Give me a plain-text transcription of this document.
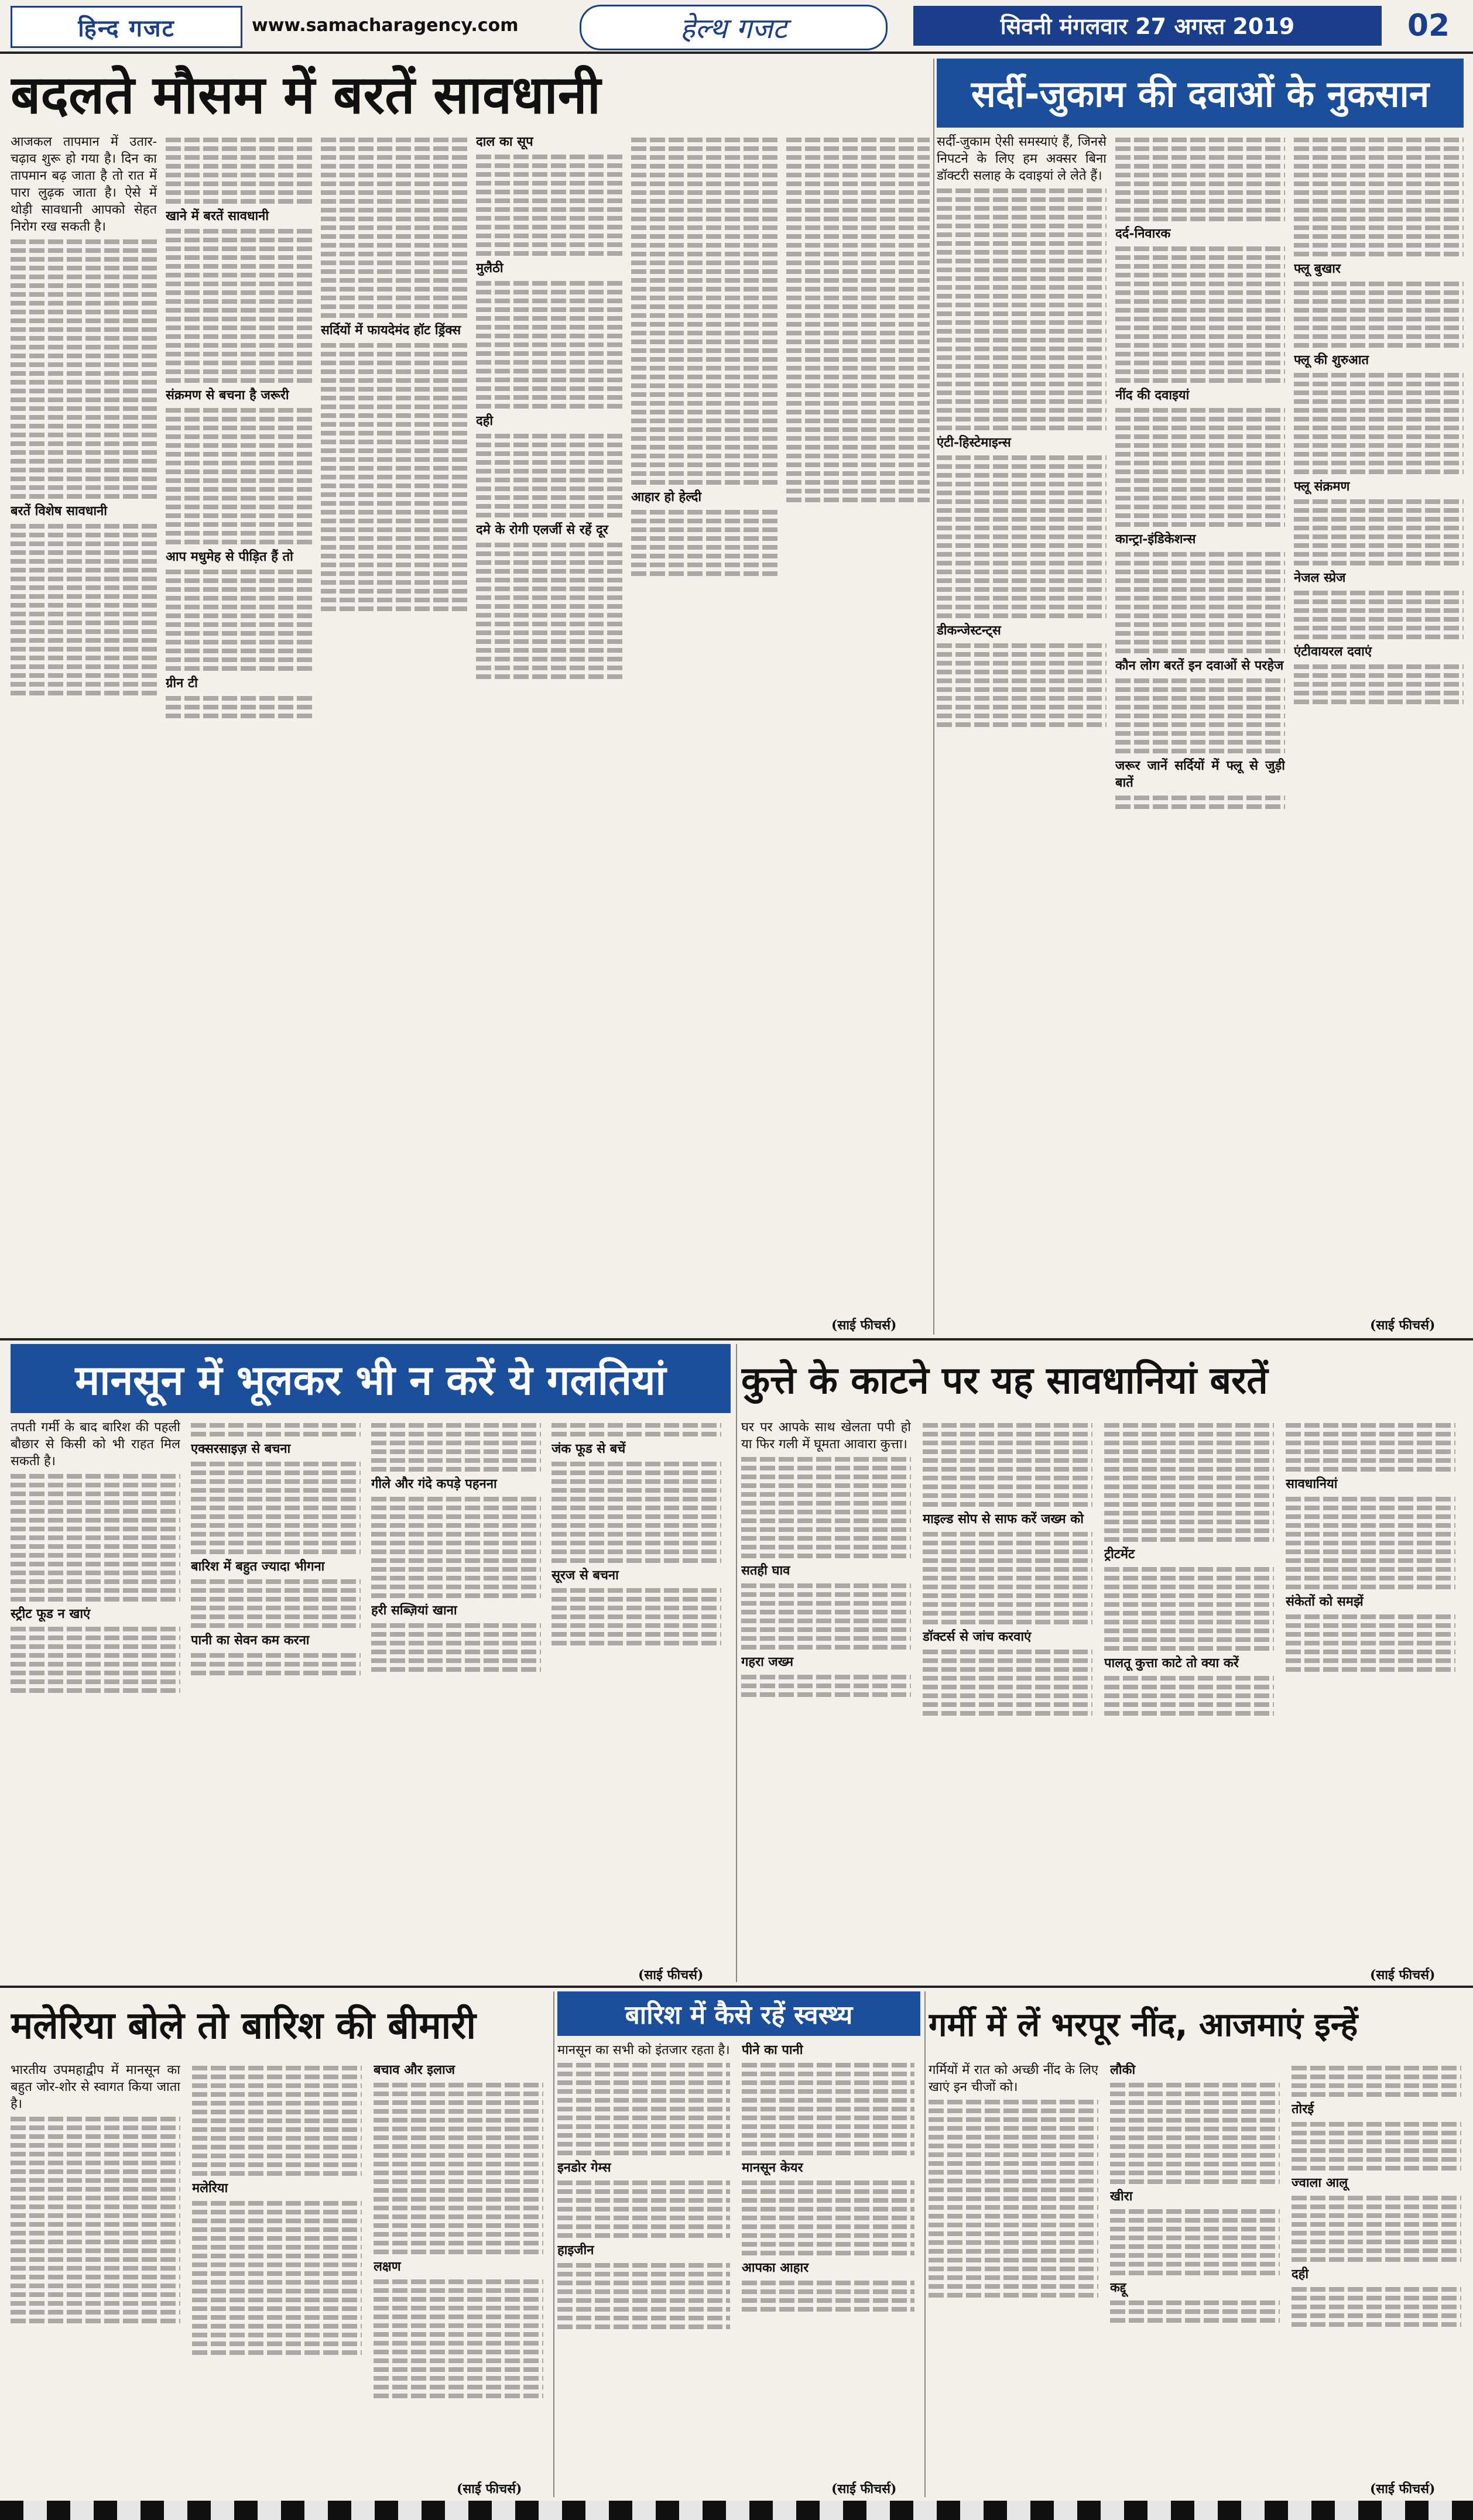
हिन्द गजट	www.samacharagency.com	हेल्थ गजट	सिवनी मंगलवार 27 अगस्त 2019	02
बदलते मौसम में बरतें सावधानी

आजकल तापमान में उतार-चढ़ाव शुरू हो गया है। दिन का तापमान बढ़ जाता है तो रात में पारा लुढ़क जाता है। ऐसे में थोड़ी सावधानी आपको सेहत निरोग रख सकती है।

बरतें विशेष सावधानी

खाने में बरतें सावधानी

संक्रमण से बचना है जरूरी

आप मधुमेह से पीड़ित हैं तो

ग्रीन टी

सर्दियों में फायदेमंद हॉट ड्रिंक्स

दाल का सूप

मुलैठी

दही

दमे के रोगी एलर्जी से रहें दूर

आहार हो हेल्दी

(साई फीचर्स)
सर्दी-जुकाम की दवाओं के नुकसान

सर्दी-जुकाम ऐसी समस्याएं हैं, जिनसे निपटने के लिए हम अक्सर बिना डॉक्टरी सलाह के दवाइयां ले लेते हैं।

एंटी-हिस्टेमाइन्स

डीकन्जेस्टन्ट्स

दर्द-निवारक

नींद की दवाइयां

कान्ट्रा-इंडिकेशन्स

कौन लोग बरतें इन दवाओं से परहेज

जरूर जानें सर्दियों में फ्लू से जुड़ी बातें

फ्लू बुखार

फ्लू की शुरुआत

फ्लू संक्रमण

नेजल स्प्रेज

एंटीवायरल दवाएं

(साई फीचर्स)
मानसून में भूलकर भी न करें ये गलतियां

तपती गर्मी के बाद बारिश की पहली बौछार से किसी को भी राहत मिल सकती है।

स्ट्रीट फूड न खाएं

एक्सरसाइज़ से बचना

बारिश में बहुत ज्यादा भीगना

पानी का सेवन कम करना

गीले और गंदे कपड़े पहनना

हरी सब्ज़ियां खाना

जंक फूड से बचें

सूरज से बचना

(साई फीचर्स)
कुत्ते के काटने पर यह सावधानियां बरतें

घर पर आपके साथ खेलता पपी हो या फिर गली में घूमता आवारा कुत्ता।

सतही घाव

गहरा जख्म

माइल्ड सोप से साफ करें जख्म को

डॉक्टर्स से जांच करवाएं

ट्रीटमेंट

पालतू कुत्ता काटे तो क्या करें

सावधानियां

संकेतों को समझें

(साई फीचर्स)
मलेरिया बोले तो बारिश की बीमारी

भारतीय उपमहाद्वीप में मानसून का बहुत जोर-शोर से स्वागत किया जाता है।

मलेरिया

बचाव और इलाज

लक्षण

(साई फीचर्स)
बारिश में कैसे रहें स्वस्थ्य

मानसून का सभी को इंतजार रहता है।

इनडोर गेम्स

हाइजीन

पीने का पानी

मानसून केयर

आपका आहार

(साई फीचर्स)
गर्मी में लें भरपूर नींद, आजमाएं इन्हें

गर्मियों में रात को अच्छी नींद के लिए खाएं इन चीजों को।

लौकी

खीरा

कद्दू

तोरई

ज्वाला आलू

दही

(साई फीचर्स)
